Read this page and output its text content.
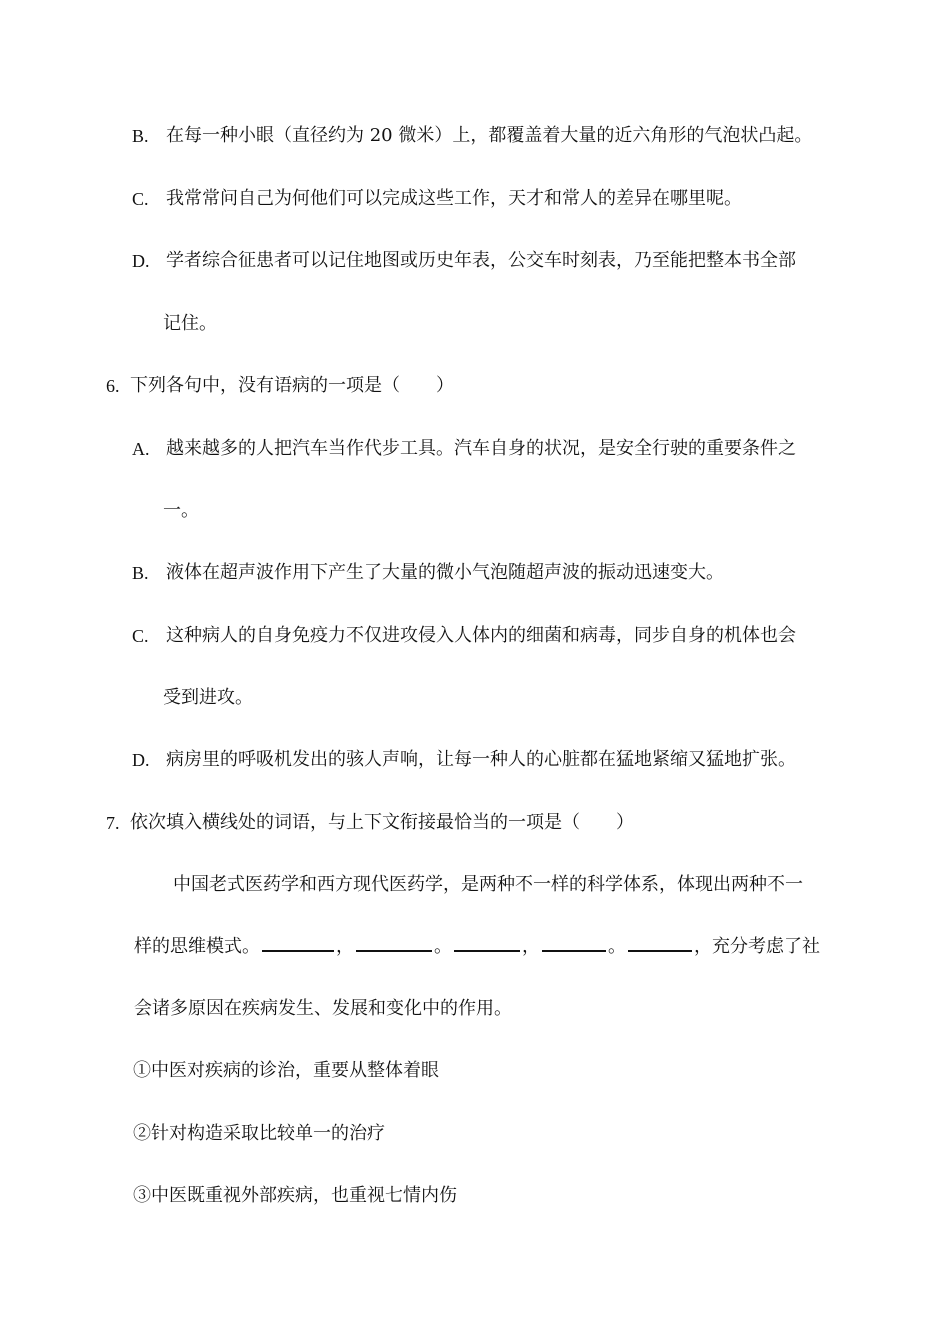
B. 在每一种小眼（直径约为 20 微米）上，都覆盖着大量的近六角形的气泡状凸起。
C. 我常常问自己为何他们可以完成这些工作，天才和常人的差异在哪里呢。
D. 学者综合征患者可以记住地图或历史年表，公交车时刻表，乃至能把整本书全部
记住。
6. 下列各句中，没有语病的一项是（　　）
A. 越来越多的人把汽车当作代步工具。汽车自身的状况，是安全行驶的重要条件之
一。
B. 液体在超声波作用下产生了大量的微小气泡随超声波的振动迅速变大。
C. 这种病人的自身免疫力不仅进攻侵入人体内的细菌和病毒，同步自身的机体也会
受到进攻。
D. 病房里的呼吸机发出的骇人声响，让每一种人的心脏都在猛地紧缩又猛地扩张。
7. 依次填入横线处的词语，与上下文衔接最恰当的一项是（　　）
中国老式医药学和西方现代医药学，是两种不一样的科学体系，体现出两种不一
样的思维模式。	，	。	，	。	，充分考虑了社
会诸多原因在疾病发生、发展和变化中的作用。
①中医对疾病的诊治，重要从整体着眼
②针对构造采取比较单一的治疗
③中医既重视外部疾病，也重视七情内伤
